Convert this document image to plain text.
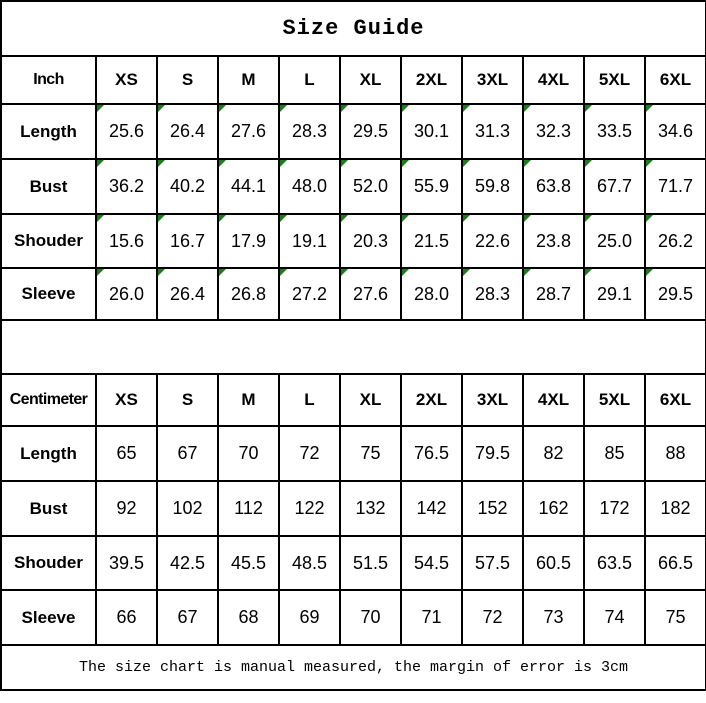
Size Guide										
Inch	XS	S	M	L	XL	2XL	3XL	4XL	5XL	6XL
Length	25.6	26.4	27.6	28.3	29.5	30.1	31.3	32.3	33.5	34.6
Bust	36.2	40.2	44.1	48.0	52.0	55.9	59.8	63.8	67.7	71.7
Shouder	15.6	16.7	17.9	19.1	20.3	21.5	22.6	23.8	25.0	26.2
Sleeve	26.0	26.4	26.8	27.2	27.6	28.0	28.3	28.7	29.1	29.5

Centimeter	XS	S	M	L	XL	2XL	3XL	4XL	5XL	6XL
Length	65	67	70	72	75	76.5	79.5	82	85	88
Bust	92	102	112	122	132	142	152	162	172	182
Shouder	39.5	42.5	45.5	48.5	51.5	54.5	57.5	60.5	63.5	66.5
Sleeve	66	67	68	69	70	71	72	73	74	75
The size chart is manual measured, the margin of error is 3cm										
